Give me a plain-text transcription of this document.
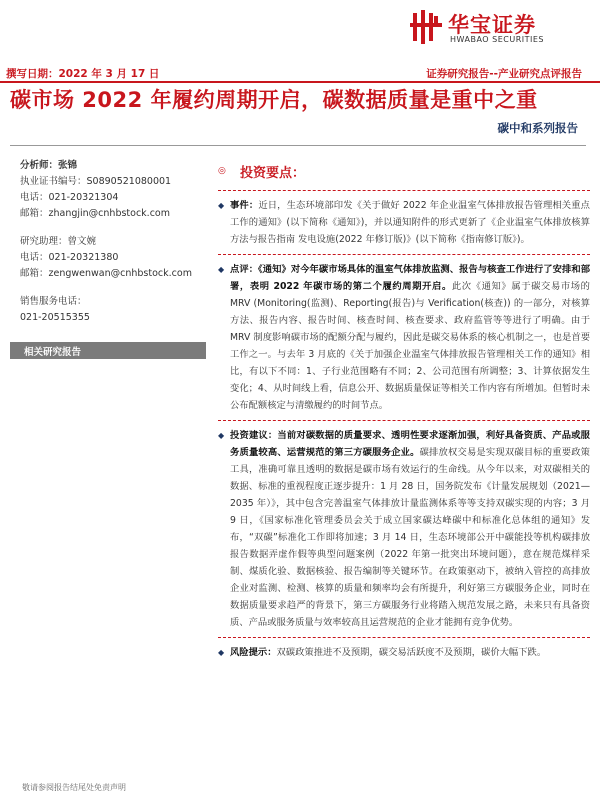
华宝证券
HWABAO SECURITIES
撰写日期：2022 年 3 月 17 日	证券研究报告--产业研究点评报告
碳市场 2022 年履约周期开启，碳数据质量是重中之重
碳中和系列报告
分析师：张锦
执业证书编号：S0890521080001
电话：021-20321304
邮箱：zhangjin@cnhbstock.com
研究助理：曾文婉
电话：021-20321380
邮箱：zengwenwan@cnhbstock.com
销售服务电话：
021-20515355
相关研究报告
◎ 投资要点：
◆ 事件：近日，生态环境部印发《关于做好 2022 年企业温室气体排放报告管理相关重点工作的通知》(以下简称《通知》)，并以通知附件的形式更新了《企业温室气体排放核算方法与报告指南 发电设施(2022 年修订版)》(以下简称《指南修订版》)。
◆ 点评：《通知》对今年碳市场具体的温室气体排放监测、报告与核查工作进行了安排和部署，表明 2022 年碳市场的第二个履约周期开启。此次《通知》属于碳交易市场的 MRV (Monitoring(监测)、Reporting(报告)与 Verification(核查)) 的一部分，对核算方法、报告内容、报告时间、核查时间、核查要求、政府监管等等进行了明确。由于 MRV 制度影响碳市场的配额分配与履约，因此是碳交易体系的核心机制之一，也是首要工作之一。与去年 3 月底的《关于加强企业温室气体排放报告管理相关工作的通知》相比，有以下不同：1、子行业范围略有不同；2、公司范围有所调整；3、计算依据发生变化；4、从时间线上看，信息公开、数据质量保证等相关工作内容有所增加。但暂时未公布配额核定与清缴履约的时间节点。
◆ 投资建议：当前对碳数据的质量要求、透明性要求逐渐加强，利好具备资质、产品或服务质量较高、运营规范的第三方碳服务企业。碳排放权交易是实现双碳目标的重要政策工具，准确可靠且透明的数据是碳市场有效运行的生命线。从今年以来，对双碳相关的数据、标准的重视程度正逐步提升：1 月 28 日，国务院发布《计量发展规划（2021—2035 年）》，其中包含完善温室气体排放计量监测体系等等支持双碳实现的内容；3 月 9 日，《国家标准化管理委员会关于成立国家碳达峰碳中和标准化总体组的通知》发布，“双碳”标准化工作即将加速；3 月 14 日，生态环境部公开中碳能投等机构碳排放报告数据弄虚作假等典型问题案例（2022 年第一批突出环境问题），意在规范煤样采制、煤质化验、数据核验、报告编制等关键环节。在政策驱动下，被纳入管控的高排放企业对监测、检测、核算的质量和频率均会有所提升，利好第三方碳服务企业，同时在数据质量要求趋严的背景下，第三方碳服务行业将踏入规范发展之路，未来只有具备资质、产品或服务质量与效率较高且运营规范的企业才能拥有竞争优势。
◆ 风险提示：双碳政策推进不及预期，碳交易活跃度不及预期，碳价大幅下跌。
敬请参阅报告结尾处免责声明
